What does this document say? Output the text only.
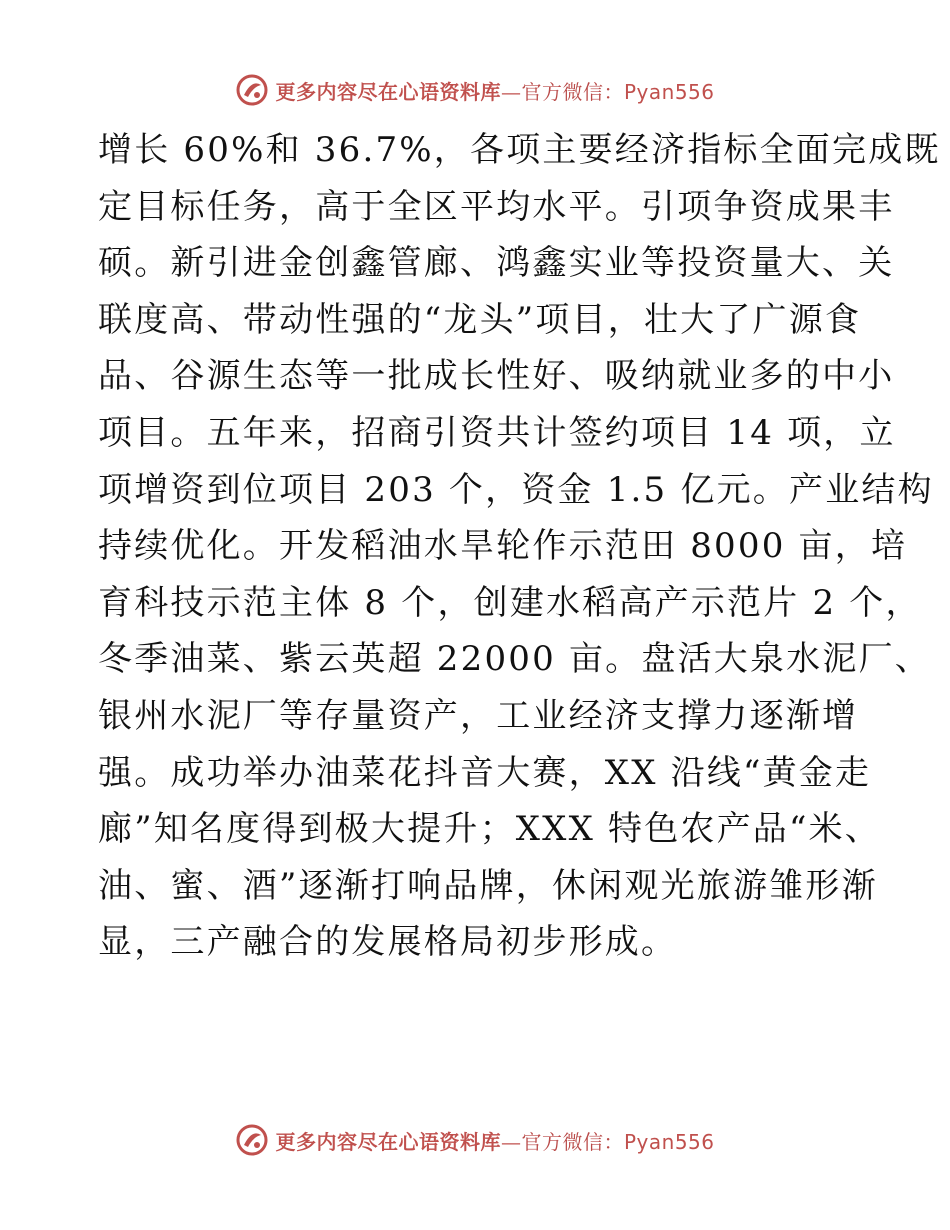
更多内容尽在心语资料库—官方微信：Pyan556
增长 60%和 36.7%，各项主要经济指标全面完成既
定目标任务，高于全区平均水平。引项争资成果丰
硕。新引进金创鑫管廊、鸿鑫实业等投资量大、关
联度高、带动性强的“龙头”项目，壮大了广源食
品、谷源生态等一批成长性好、吸纳就业多的中小
项目。五年来，招商引资共计签约项目 14 项，立
项增资到位项目 203 个，资金 1.5 亿元。产业结构
持续优化。开发稻油水旱轮作示范田 8000 亩，培
育科技示范主体 8 个，创建水稻高产示范片 2 个，
冬季油菜、紫云英超 22000 亩。盘活大泉水泥厂、
银州水泥厂等存量资产，工业经济支撑力逐渐增
强。成功举办油菜花抖音大赛，XX 沿线“黄金走
廊”知名度得到极大提升；XXX 特色农产品“米、
油、蜜、酒”逐渐打响品牌，休闲观光旅游雏形渐
显，三产融合的发展格局初步形成。
更多内容尽在心语资料库—官方微信：Pyan556
